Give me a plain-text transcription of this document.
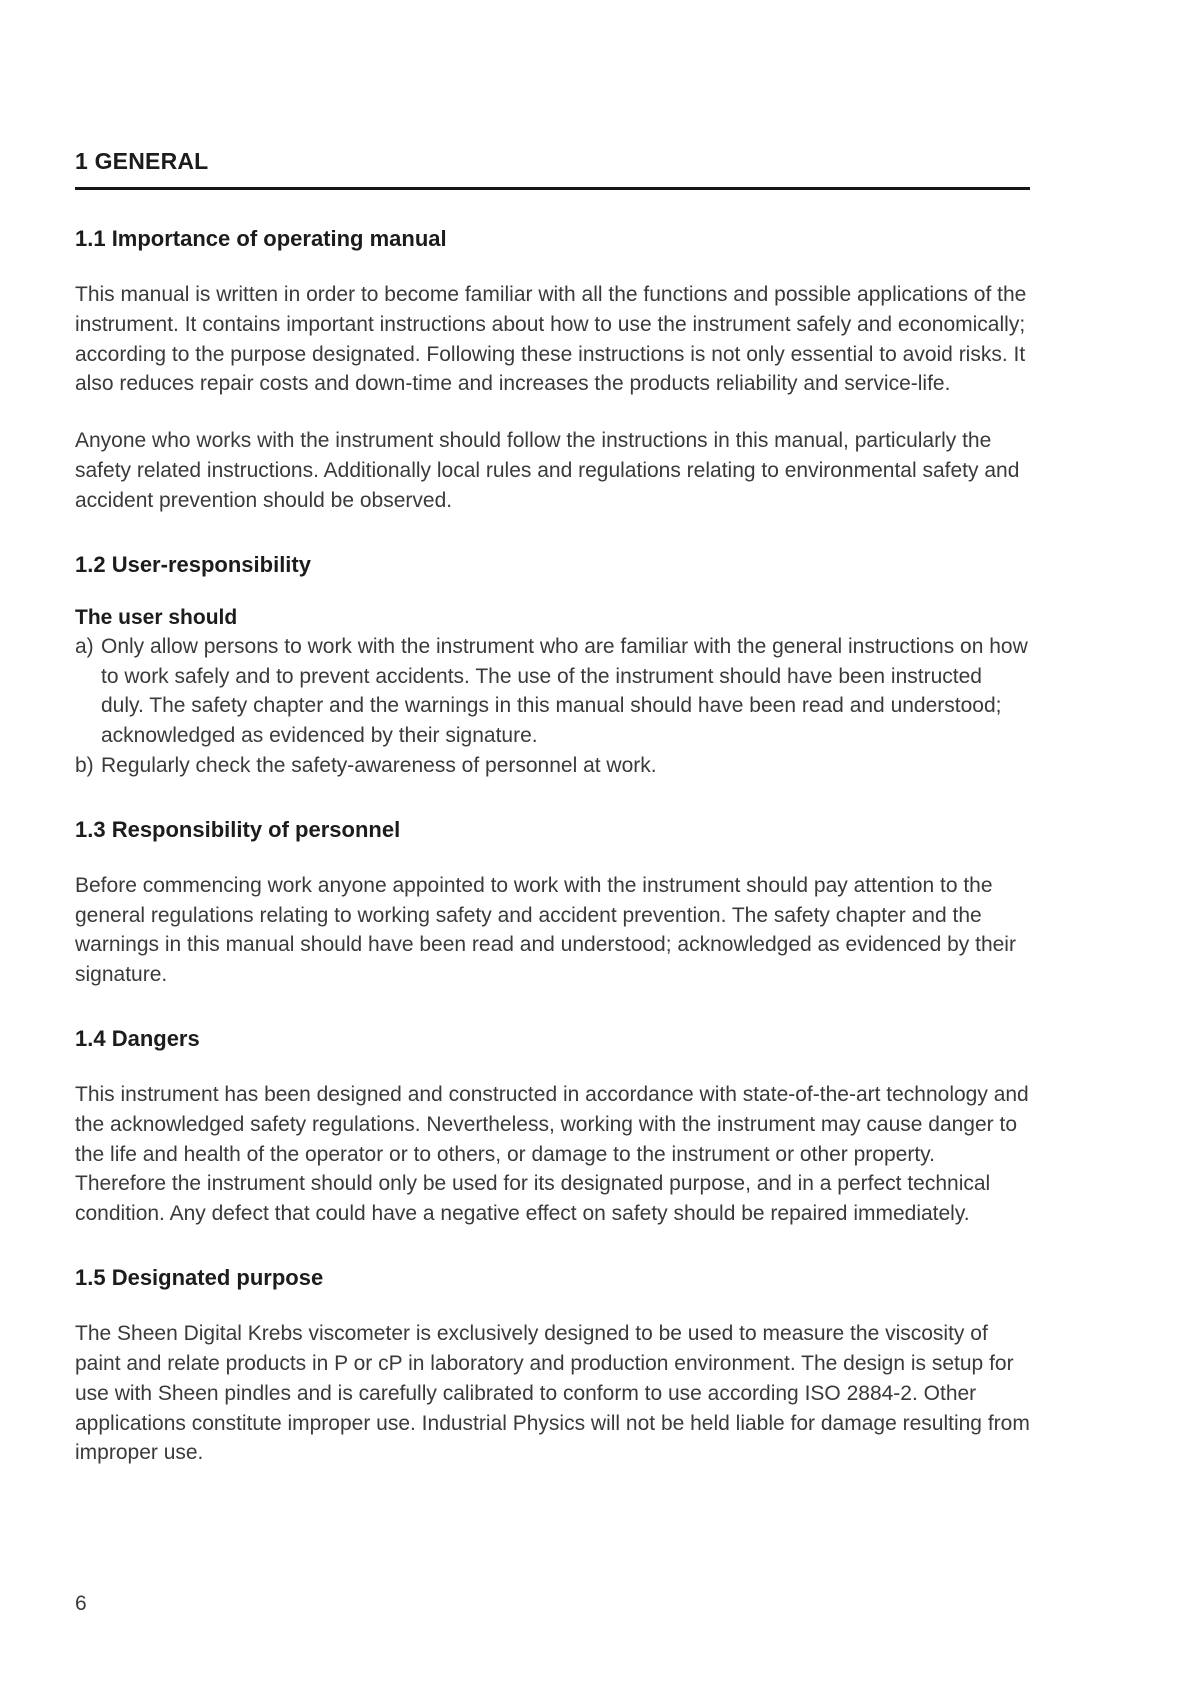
1 GENERAL
1.1 Importance of operating manual

This manual is written in order to become familiar with all the functions and possible applications of the instrument. It contains important instructions about how to use the instrument safely and economically; according to the purpose designated. Following these instructions is not only essential to avoid risks. It also reduces repair costs and down-time and increases the products reliability and service-life.

Anyone who works with the instrument should follow the instructions in this manual, particularly the safety related instructions. Additionally local rules and regulations relating to environmental safety and accident prevention should be observed.

1.2 User-responsibility
The user should
a) Only allow persons to work with the instrument who are familiar with the general instructions on how to work safely and to prevent accidents. The use of the instrument should have been instructed duly. The safety chapter and the warnings in this manual should have been read and understood; acknowledged as evidenced by their signature.
b) Regularly check the safety-awareness of personnel at work.
1.3 Responsibility of personnel

Before commencing work anyone appointed to work with the instrument should pay attention to the general regulations relating to working safety and accident prevention. The safety chapter and the warnings in this manual should have been read and understood; acknowledged as evidenced by their signature.

1.4 Dangers

This instrument has been designed and constructed in accordance with state-of-the-art technology and the acknowledged safety regulations. Nevertheless, working with the instrument may cause danger to the life and health of the operator or to others, or damage to the instrument or other property. Therefore the instrument should only be used for its designated purpose, and in a perfect technical condition. Any defect that could have a negative effect on safety should be repaired immediately.

1.5 Designated purpose

The Sheen Digital Krebs viscometer is exclusively designed to be used to measure the viscosity of paint and relate products in P or cP in laboratory and production environment. The design is setup for use with Sheen pindles and is carefully calibrated to conform to use according ISO 2884-2. Other applications constitute improper use. Industrial Physics will not be held liable for damage resulting from improper use.

6
